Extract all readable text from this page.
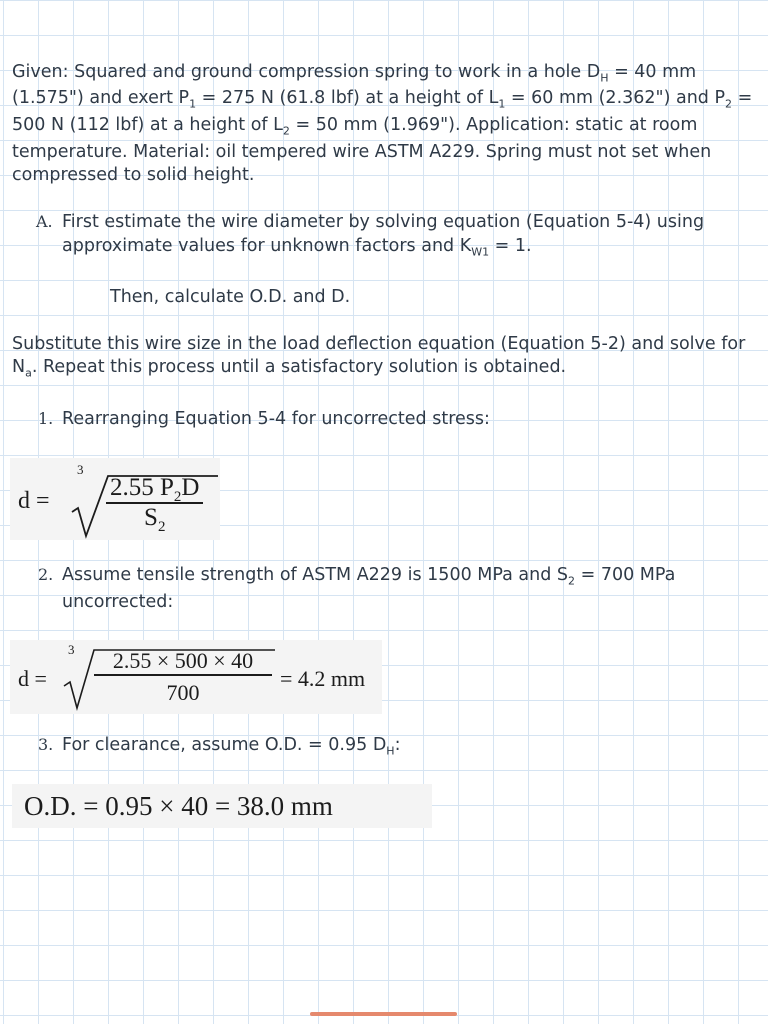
Given: Squared and ground compression spring to work in a hole $D_H = 40$ mm
(1.575") and exert $P_1 = 275$ N (61.8 lbf) at a height of $L_1 = 60$ mm (2.362") and $P_2$ =
500 N (112 lbf) at a height of $L_2 = 50$ mm (1.969"). Application: static at room
temperature. Material: oil tempered wire ASTM A229. Spring must not set when
compressed to solid height.
A. First estimate the wire diameter by solving equation (Equation 5-4) using
approximate values for unknown factors and $K_{W1} = 1$.
Then, calculate O.D. and D.
Substitute this wire size in the load deflection equation (Equation 5-2) and solve for
$N_a$. Repeat this process until a satisfactory solution is obtained.
1. Rearranging Equation 5-4 for uncorrected stress:
d =
3
$\frac{2.55 P_2D}{S_2}$
2. Assume tensile strength of ASTM A229 is 1500 MPa and $S_2 = 700$ MPa
uncorrected:
d =
$3 \frac{2.55 \times 500 \times 40}{700} = 4.2$ mm
3. For clearance, assume O.D. = 0.95 $D_H$:
O.D. = 0.95 × 40 = 38.0 mm
